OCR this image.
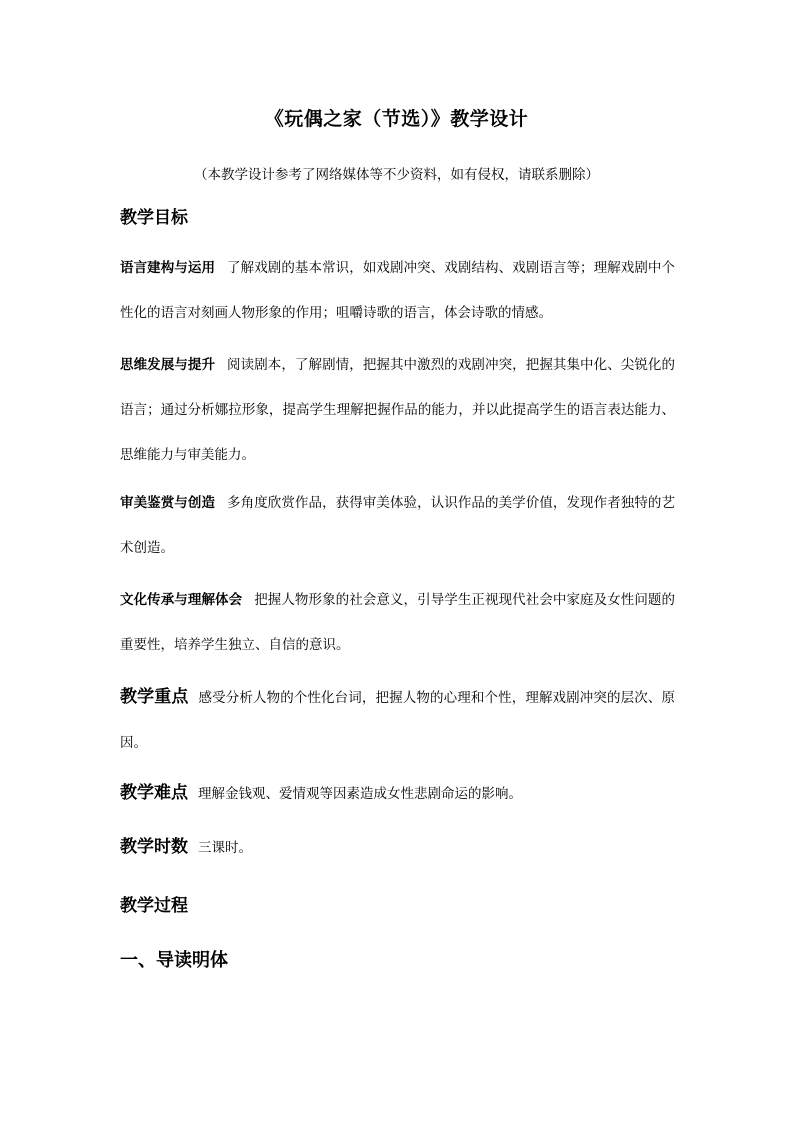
《玩偶之家（节选）》教学设计
（本教学设计参考了网络媒体等不少资料，如有侵权，请联系删除）
教学目标
语言建构与运用 了解戏剧的基本常识，如戏剧冲突、戏剧结构、戏剧语言等；理解戏剧中个性化的语言对刻画人物形象的作用；咀嚼诗歌的语言，体会诗歌的情感。
思维发展与提升 阅读剧本，了解剧情，把握其中激烈的戏剧冲突，把握其集中化、尖锐化的语言；通过分析娜拉形象，提高学生理解把握作品的能力，并以此提高学生的语言表达能力、思维能力与审美能力。
审美鉴赏与创造 多角度欣赏作品，获得审美体验，认识作品的美学价值，发现作者独特的艺术创造。
文化传承与理解体会 把握人物形象的社会意义，引导学生正视现代社会中家庭及女性问题的重要性，培养学生独立、自信的意识。
教学重点 感受分析人物的个性化台词，把握人物的心理和个性，理解戏剧冲突的层次、原因。
教学难点 理解金钱观、爱情观等因素造成女性悲剧命运的影响。
教学时数 三课时。
教学过程
一、导读明体
